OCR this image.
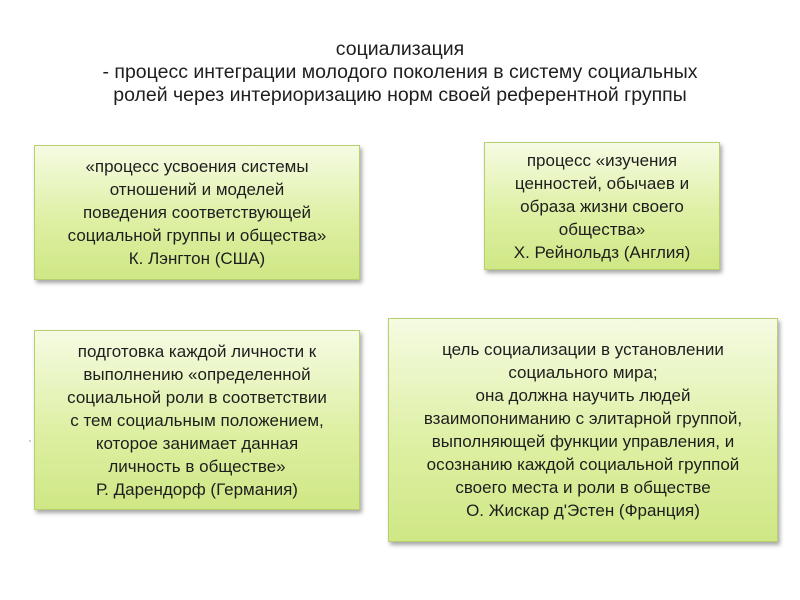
социализация
- процесс интеграции молодого поколения в систему социальных
ролей через интериоризацию норм своей референтной группы
«процесс усвоения системы
отношений и моделей
поведения соответствующей
социальной группы и общества»
К. Лэнгтон (США)
процесс «изучения
ценностей, обычаев и
образа жизни своего
общества»
Х. Рейнольдз (Англия)
подготовка каждой личности к
выполнению «определенной
социальной роли в соответствии
с тем социальным положением,
которое занимает данная
личность в обществе»
Р. Дарендорф (Германия)
цель социализации в установлении
социального мира;
она должна научить людей
взаимопониманию с элитарной группой,
выполняющей функции управления, и
осознанию каждой социальной группой
своего места и роли в обществе
О. Жискар д'Эстен (Франция)
